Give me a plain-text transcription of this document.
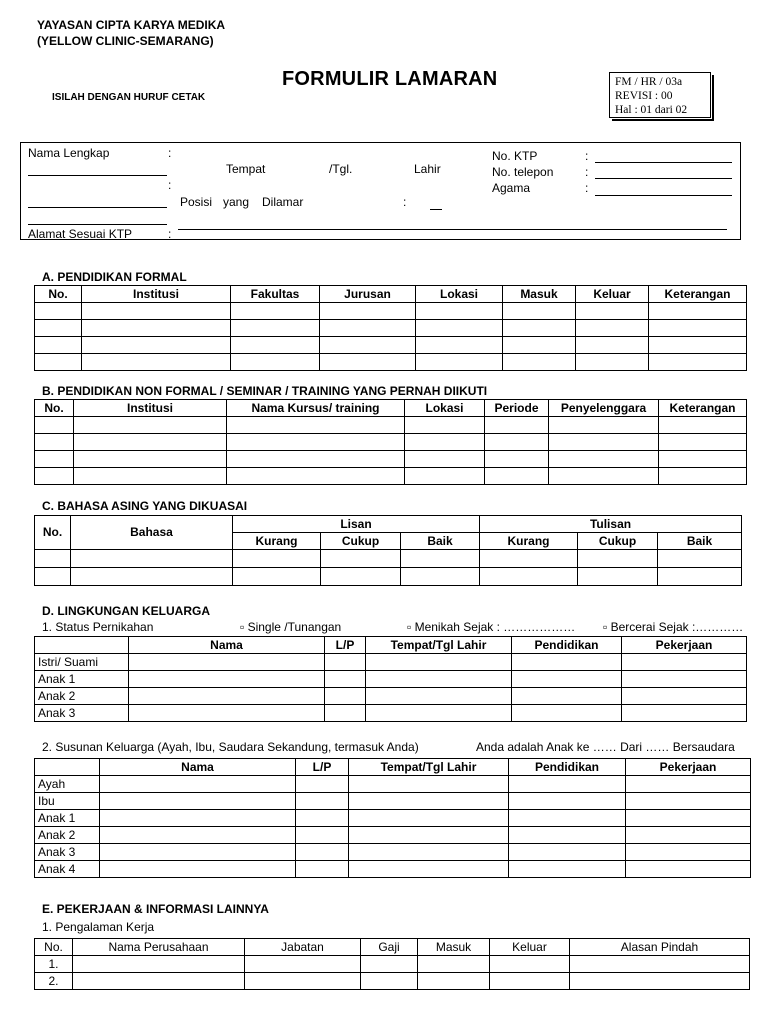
YAYASAN CIPTA KARYA MEDIKA
(YELLOW CLINIC-SEMARANG)
FORMULIR LAMARAN
ISILAH DENGAN HURUF CETAK
FM / HR / 03a
REVISI : 00
Hal : 01 dari 02
Nama Lengkap	:
Tempat	/Tgl.	Lahir
:
Posisi yang Dilamar	:
Alamat Sesuai KTP	:
No. KTP	:
No. telepon	:
Agama	:
A. PENDIDIKAN FORMAL
No.	Institusi	Fakultas	Jurusan	Lokasi	Masuk	Keluar	Keterangan

B. PENDIDIKAN NON FORMAL / SEMINAR / TRAINING YANG PERNAH DIIKUTI
No.	Institusi	Nama Kursus/ training	Lokasi	Periode	Penyelenggara	Keterangan

C. BAHASA ASING YANG DIKUASAI
No.	Bahasa	Lisan			Tulisan		
		Kurang	Cukup	Baik	Kurang	Cukup	Baik

D. LINGKUNGAN KELUARGA
1. Status Pernikahan	▫ Single /Tunangan	▫ Menikah Sejak : ……………… ▫ Bercerai Sejak :…………
	Nama	L/P	Tempat/Tgl Lahir	Pendidikan	Pekerjaan
Istri/ Suami					
Anak 1					
Anak 2					
Anak 3					
2. Susunan Keluarga (Ayah, Ibu, Saudara Sekandung, termasuk Anda)	Anda adalah Anak ke …… Dari …… Bersaudara
	Nama	L/P	Tempat/Tgl Lahir	Pendidikan	Pekerjaan
Ayah					
Ibu					
Anak 1					
Anak 2					
Anak 3					
Anak 4					
E. PEKERJAAN & INFORMASI LAINNYA
1. Pengalaman Kerja
No.	Nama Perusahaan	Jabatan	Gaji	Masuk	Keluar	Alasan Pindah
1.						
2.						
